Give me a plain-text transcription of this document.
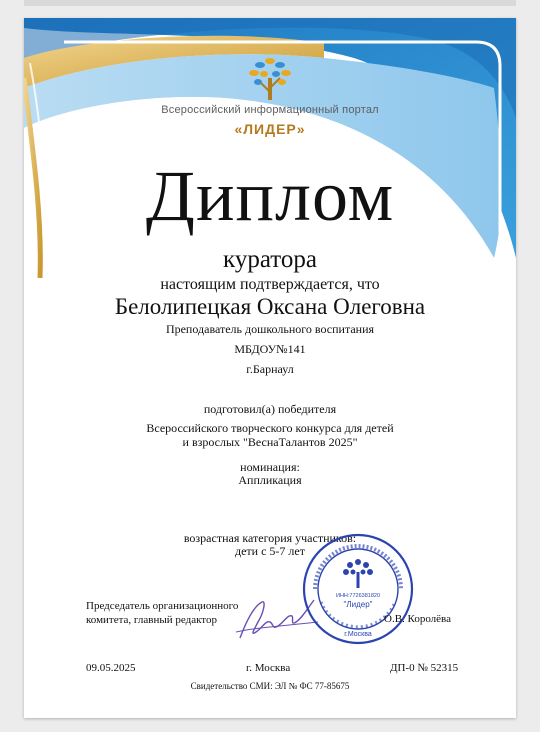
Всероссийский информационный портал
«ЛИДЕР»
Диплом
куратора
настоящим подтверждается, что
Белолипецкая Оксана Олеговна
Преподаватель дошкольного воспитания
МБДОУ№141
г.Барнаул
подготовил(а) победителя
Всероссийского творческого конкурса для детей
и взрослых "ВеснаТалантов 2025"
номинация:
Аппликация
возрастная категория участников:
дети с 5-7 лет
Председатель организационного
комитета, главный редактор
ИНН:7726381820
"Лидер"
г.Москва
О.В. Королёва
09.05.2025	г. Москва	ДП-0 № 52315
Свидетельство СМИ: ЭЛ № ФС 77-85675
